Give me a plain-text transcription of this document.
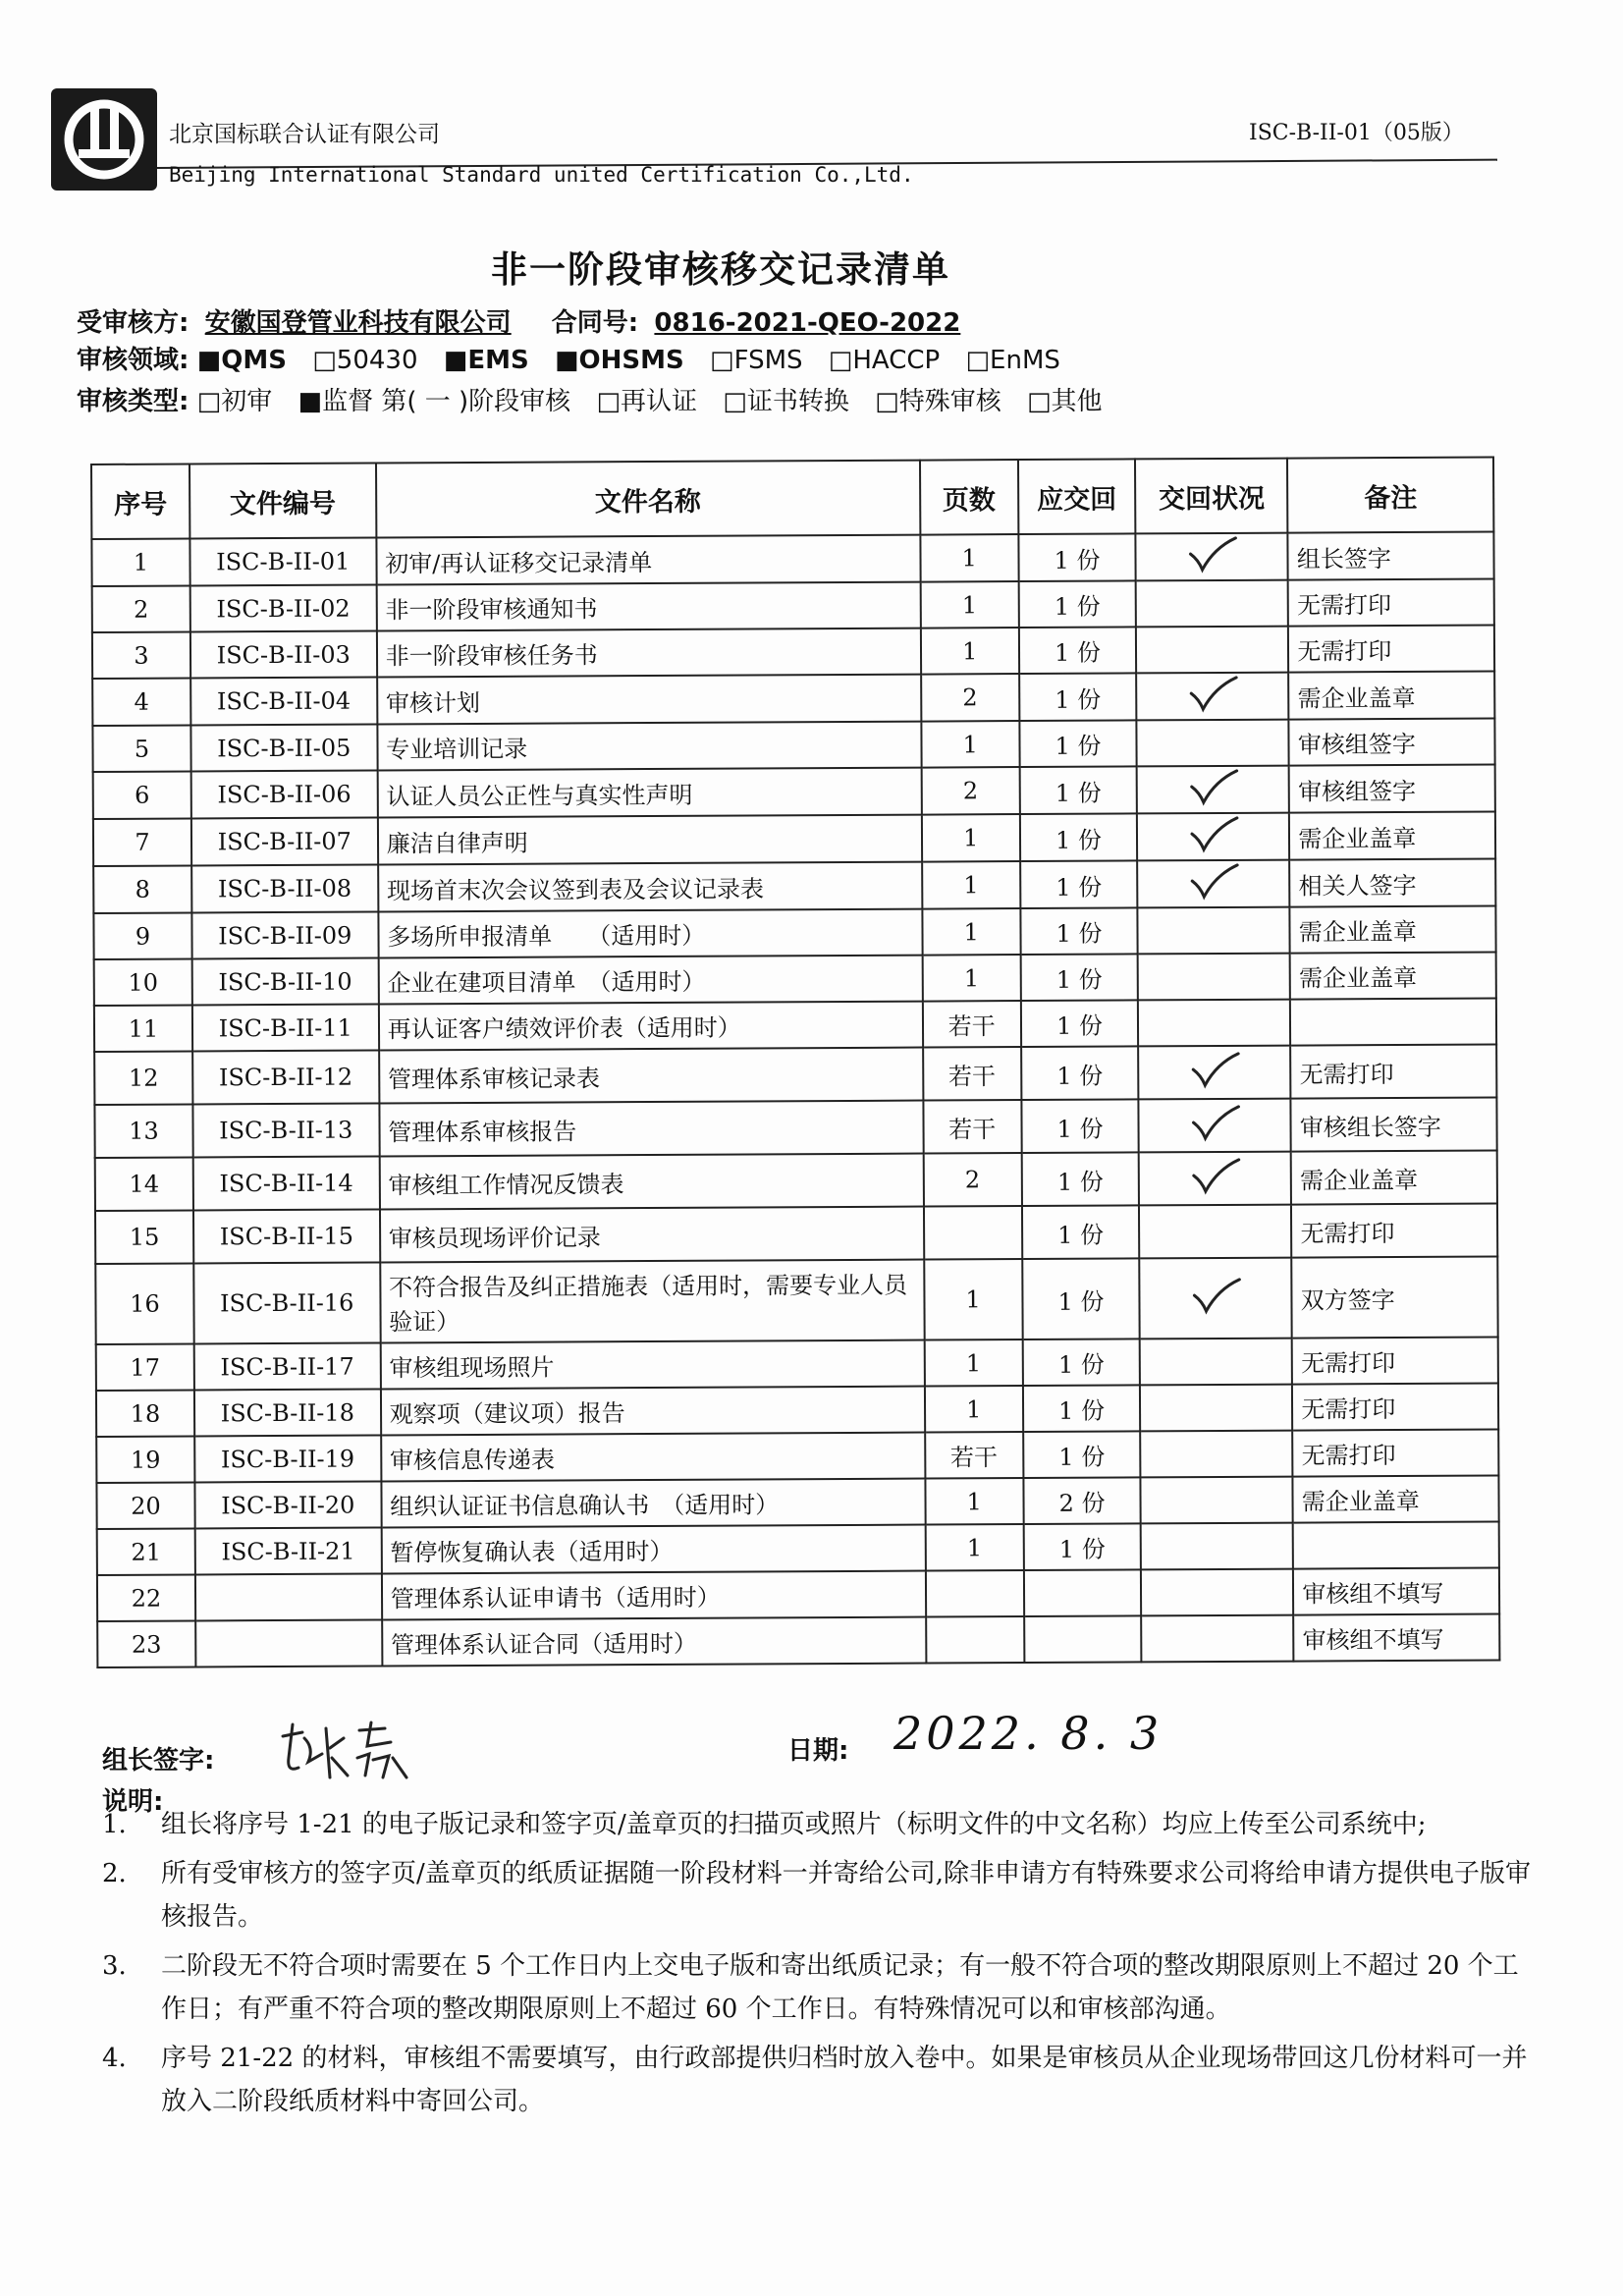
北京国标联合认证有限公司
Beijing International Standard united Certification Co.,Ltd.
ISC-B-II-01（05版）
非一阶段审核移交记录清单
受审核方: 安徽国登管业科技有限公司 合同号: 0816-2021-QEO-2022
审核领域: ■QMS □50430 ■EMS ■OHSMS □FSMS □HACCP □EnMS
审核类型: □初审 ■监督 第( 一 )阶段审核 □再认证 □证书转换 □特殊审核 □其他
序号	文件编号	文件名称	页数	应交回	交回状况	备注
1	ISC-B-II-01	初审/再认证移交记录清单	1	1 份		组长签字
2	ISC-B-II-02	非一阶段审核通知书	1	1 份		无需打印
3	ISC-B-II-03	非一阶段审核任务书	1	1 份		无需打印
4	ISC-B-II-04	审核计划	2	1 份		需企业盖章
5	ISC-B-II-05	专业培训记录	1	1 份		审核组签字
6	ISC-B-II-06	认证人员公正性与真实性声明	2	1 份		审核组签字
7	ISC-B-II-07	廉洁自律声明	1	1 份		需企业盖章
8	ISC-B-II-08	现场首末次会议签到表及会议记录表	1	1 份		相关人签字
9	ISC-B-II-09	多场所申报清单　　（适用时）	1	1 份		需企业盖章
10	ISC-B-II-10	企业在建项目清单　（适用时）	1	1 份		需企业盖章
11	ISC-B-II-11	再认证客户绩效评价表（适用时）	若干	1 份		
12	ISC-B-II-12	管理体系审核记录表	若干	1 份		无需打印
13	ISC-B-II-13	管理体系审核报告	若干	1 份		审核组长签字
14	ISC-B-II-14	审核组工作情况反馈表	2	1 份		需企业盖章
15	ISC-B-II-15	审核员现场评价记录		1 份		无需打印
16	ISC-B-II-16	不符合报告及纠正措施表（适用时，需要专业人员验证）	1	1 份		双方签字
17	ISC-B-II-17	审核组现场照片	1	1 份		无需打印
18	ISC-B-II-18	观察项（建议项）报告	1	1 份		无需打印
19	ISC-B-II-19	审核信息传递表	若干	1 份		无需打印
20	ISC-B-II-20	组织认证证书信息确认书　（适用时）	1	2 份		需企业盖章
21	ISC-B-II-21	暂停恢复确认表（适用时）	1	1 份		
22		管理体系认证申请书（适用时）				审核组不填写
23		管理体系认证合同（适用时）				审核组不填写
组长签字:	日期: 2022. 8. 3
说明:
1.	组长将序号 1-21 的电子版记录和签字页/盖章页的扫描页或照片（标明文件的中文名称）均应上传至公司系统中;
2.	所有受审核方的签字页/盖章页的纸质证据随一阶段材料一并寄给公司,除非申请方有特殊要求公司将给申请方提供电子版审核报告。
3.	二阶段无不符合项时需要在 5 个工作日内上交电子版和寄出纸质记录；有一般不符合项的整改期限原则上不超过 20 个工作日；有严重不符合项的整改期限原则上不超过 60 个工作日。有特殊情况可以和审核部沟通。
4.	序号 21-22 的材料，审核组不需要填写，由行政部提供归档时放入卷中。如果是审核员从企业现场带回这几份材料可一并放入二阶段纸质材料中寄回公司。
